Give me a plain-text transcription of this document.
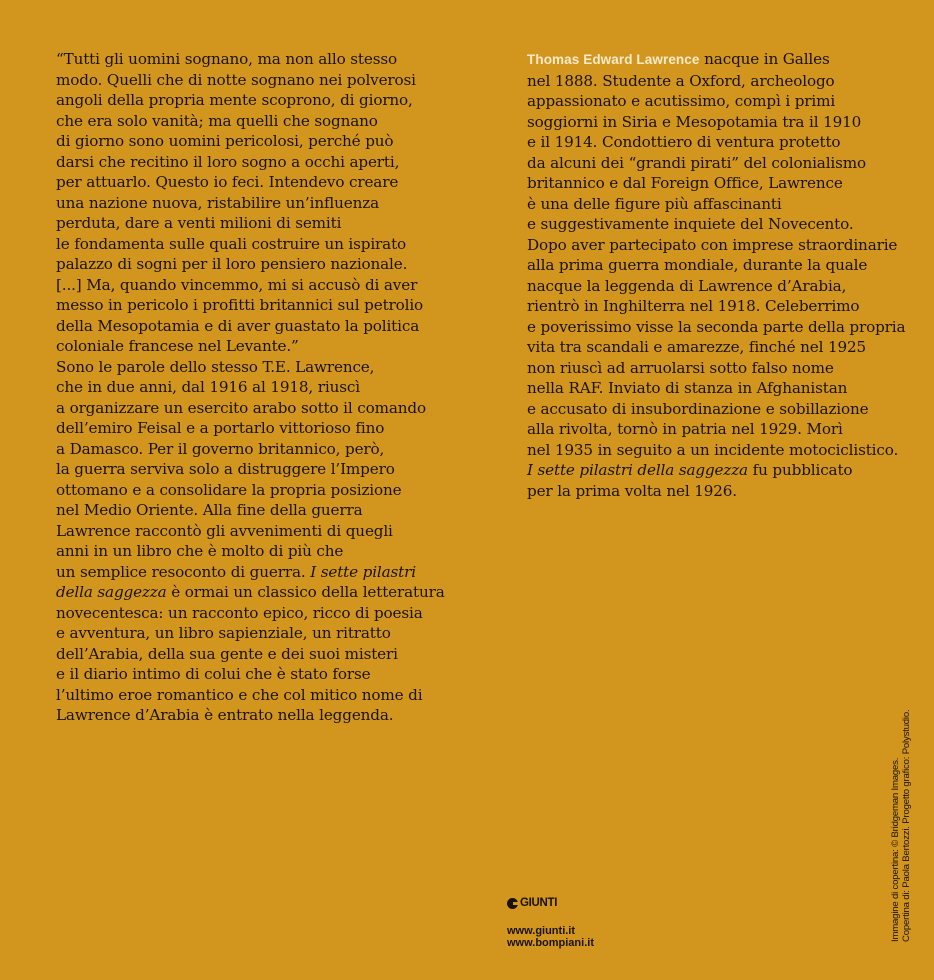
“Tutti gli uomini sognano, ma non allo stesso
modo. Quelli che di notte sognano nei polverosi
angoli della propria mente scoprono, di giorno,
che era solo vanità; ma quelli che sognano
di giorno sono uomini pericolosi, perché può
darsi che recitino il loro sogno a occhi aperti,
per attuarlo. Questo io feci. Intendevo creare
una nazione nuova, ristabilire un’influenza
perduta, dare a venti milioni di semiti
le fondamenta sulle quali costruire un ispirato
palazzo di sogni per il loro pensiero nazionale.
[...] Ma, quando vincemmo, mi si accusò di aver
messo in pericolo i profitti britannici sul petrolio
della Mesopotamia e di aver guastato la politica
coloniale francese nel Levante.”
Sono le parole dello stesso T.E. Lawrence,
che in due anni, dal 1916 al 1918, riuscì
a organizzare un esercito arabo sotto il comando
dell’emiro Feisal e a portarlo vittorioso fino
a Damasco. Per il governo britannico, però,
la guerra serviva solo a distruggere l’Impero
ottomano e a consolidare la propria posizione
nel Medio Oriente. Alla fine della guerra
Lawrence raccontò gli avvenimenti di quegli
anni in un libro che è molto di più che
un semplice resoconto di guerra. I sette pilastri
della saggezza è ormai un classico della letteratura
novecentesca: un racconto epico, ricco di poesia
e avventura, un libro sapienziale, un ritratto
dell’Arabia, della sua gente e dei suoi misteri
e il diario intimo di colui che è stato forse
l’ultimo eroe romantico e che col mitico nome di
Lawrence d’Arabia è entrato nella leggenda.
Thomas Edward Lawrence nacque in Galles
nel 1888. Studente a Oxford, archeologo
appassionato e acutissimo, compì i primi
soggiorni in Siria e Mesopotamia tra il 1910
e il 1914. Condottiero di ventura protetto
da alcuni dei “grandi pirati” del colonialismo
britannico e dal Foreign Office, Lawrence
è una delle figure più affascinanti
e suggestivamente inquiete del Novecento.
Dopo aver partecipato con imprese straordinarie
alla prima guerra mondiale, durante la quale
nacque la leggenda di Lawrence d’Arabia,
rientrò in Inghilterra nel 1918. Celeberrimo
e poverissimo visse la seconda parte della propria
vita tra scandali e amarezze, finché nel 1925
non riuscì ad arruolarsi sotto falso nome
nella RAF. Inviato di stanza in Afghanistan
e accusato di insubordinazione e sobillazione
alla rivolta, tornò in patria nel 1929. Morì
nel 1935 in seguito a un incidente motociclistico.
I sette pilastri della saggezza fu pubblicato
per la prima volta nel 1926.
GIUNTI
www.giunti.it
www.bompiani.it
Immagine di copertina: © Bridgeman Images. Copertina di: Paola Bertozzi. Progetto grafico: Polystudio.
